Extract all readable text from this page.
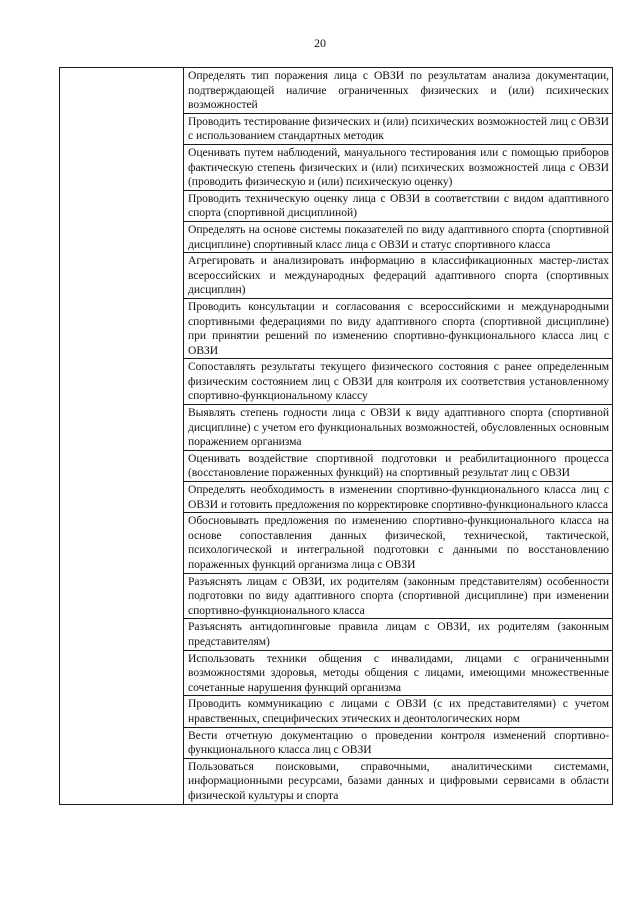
20

Определять тип поражения лица с ОВЗИ по результатам анализа документации, подтверждающей наличие ограниченных физических и (или) психических возможностей

Проводить тестирование физических и (или) психических возможностей лиц с ОВЗИ с использованием стандартных методик

Оценивать путем наблюдений, мануального тестирования или с помощью приборов фактическую степень физических и (или) психических возможностей лица с ОВЗИ (проводить физическую и (или) психическую оценку)

Проводить техническую оценку лица с ОВЗИ в соответствии с видом адаптивного спорта (спортивной дисциплиной)

Определять на основе системы показателей по виду адаптивного спорта (спортивной дисциплине) спортивный класс лица с ОВЗИ и статус спортивного класса

Агрегировать и анализировать информацию в классификационных мастер-листах всероссийских и международных федераций адаптивного спорта (спортивных дисциплин)

Проводить консультации и согласования с всероссийскими и международными спортивными федерациями по виду адаптивного спорта (спортивной дисциплине) при принятии решений по изменению спортивно-функционального класса лиц с ОВЗИ

Сопоставлять результаты текущего физического состояния с ранее определенным физическим состоянием лиц с ОВЗИ для контроля их соответствия установленному спортивно-функциональному классу

Выявлять степень годности лица с ОВЗИ к виду адаптивного спорта (спортивной дисциплине) с учетом его функциональных возможностей, обусловленных основным поражением организма

Оценивать воздействие спортивной подготовки и реабилитационного процесса (восстановление пораженных функций) на спортивный результат лиц с ОВЗИ

Определять необходимость в изменении спортивно-функционального класса лиц с ОВЗИ и готовить предложения по корректировке спортивно-функционального класса

Обосновывать предложения по изменению спортивно-функционального класса на основе сопоставления данных физической, технической, тактической, психологической и интегральной подготовки с данными по восстановлению пораженных функций организма лица с ОВЗИ

Разъяснять лицам с ОВЗИ, их родителям (законным представителям) особенности подготовки по виду адаптивного спорта (спортивной дисциплине) при изменении спортивно-функционального класса

Разъяснять антидопинговые правила лицам с ОВЗИ, их родителям (законным представителям)

Использовать техники общения с инвалидами, лицами с ограниченными возможностями здоровья, методы общения с лицами, имеющими множественные сочетанные нарушения функций организма

Проводить коммуникацию с лицами с ОВЗИ (с их представителями) с учетом нравственных, специфических этических и деонтологических норм

Вести отчетную документацию о проведении контроля изменений спортивно-функционального класса лиц с ОВЗИ

Пользоваться поисковыми, справочными, аналитическими системами, информационными ресурсами, базами данных и цифровыми сервисами в области физической культуры и спорта
